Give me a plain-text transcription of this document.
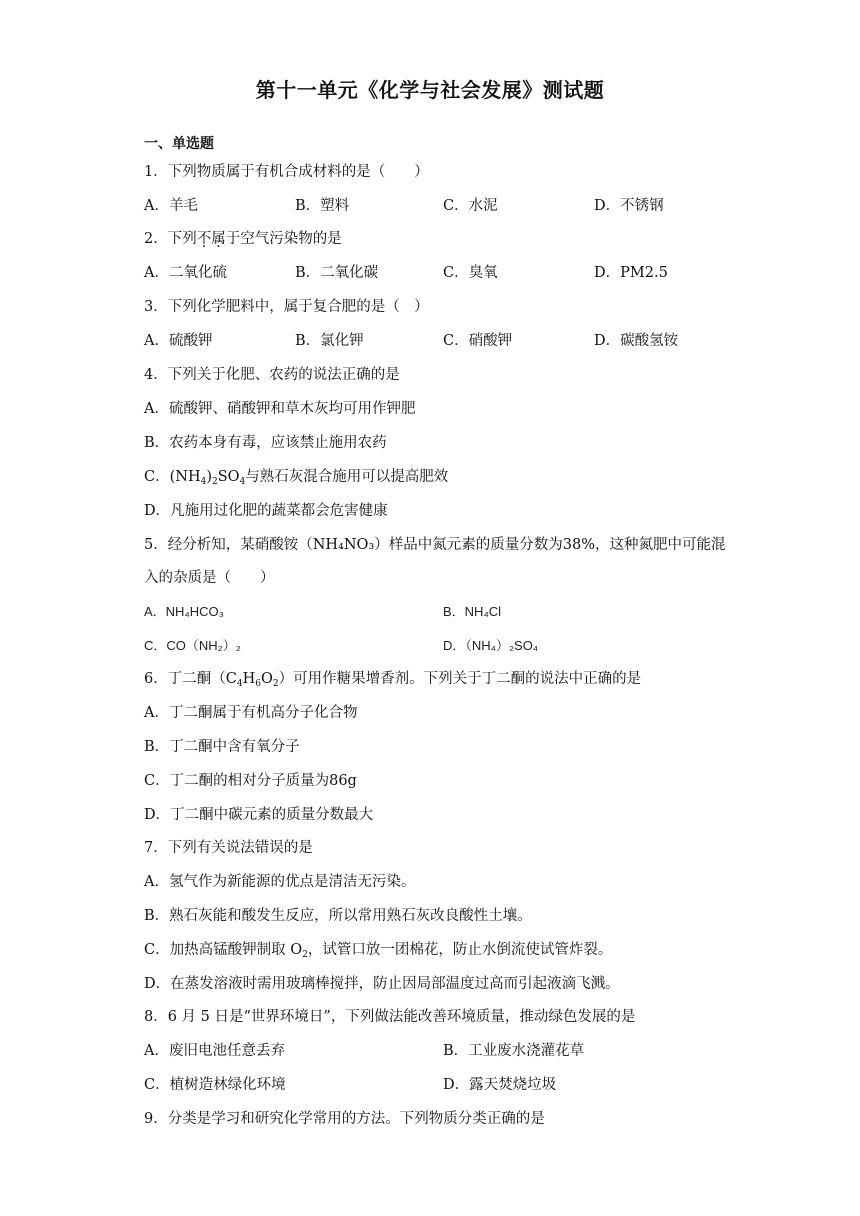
第十一单元《化学与社会发展》测试题
一、单选题
1．下列物质属于有机合成材料的是（　　）
A．羊毛	B．塑料	C．水泥	D．不锈钢
2．下列不属于空气污染物的是
A．二氧化硫	B．二氧化碳	C．臭氧	D．PM2.5
3．下列化学肥料中，属于复合肥的是（　）
A．硫酸钾	B．氯化钾	C．硝酸钾	D．碳酸氢铵
4．下列关于化肥、农药的说法正确的是
A．硫酸钾、硝酸钾和草木灰均可用作钾肥
B．农药本身有毒，应该禁止施用农药
C．$(NH_4)_2SO_4$与熟石灰混合施用可以提高肥效
D．凡施用过化肥的蔬菜都会危害健康
5．经分析知，某硝酸铵（NH₄NO₃）样品中氮元素的质量分数为38%，这种氮肥中可能混
入的杂质是（　　）
A．NH₄HCO₃	B．NH₄Cl
C．CO（NH₂）₂	D．（NH₄）₂SO₄
6．丁二酮$(C_4H_6O_2)$可用作糖果增香剂。下列关于丁二酮的说法中正确的是
A．丁二酮属于有机高分子化合物
B．丁二酮中含有氧分子
C．丁二酮的相对分子质量为86g
D．丁二酮中碳元素的质量分数最大
7．下列有关说法错误的是
A．氢气作为新能源的优点是清洁无污染。
B．熟石灰能和酸发生反应，所以常用熟石灰改良酸性土壤。
C．加热高锰酸钾制取 $O_2$，试管口放一团棉花，防止水倒流使试管炸裂。
D．在蒸发溶液时需用玻璃棒搅拌，防止因局部温度过高而引起液滴飞溅。
8．6 月 5 日是“世界环境日”，下列做法能改善环境质量，推动绿色发展的是
A．废旧电池任意丢弃	B．工业废水浇灌花草
C．植树造林绿化环境	D．露天焚烧垃圾
9．分类是学习和研究化学常用的方法。下列物质分类正确的是
